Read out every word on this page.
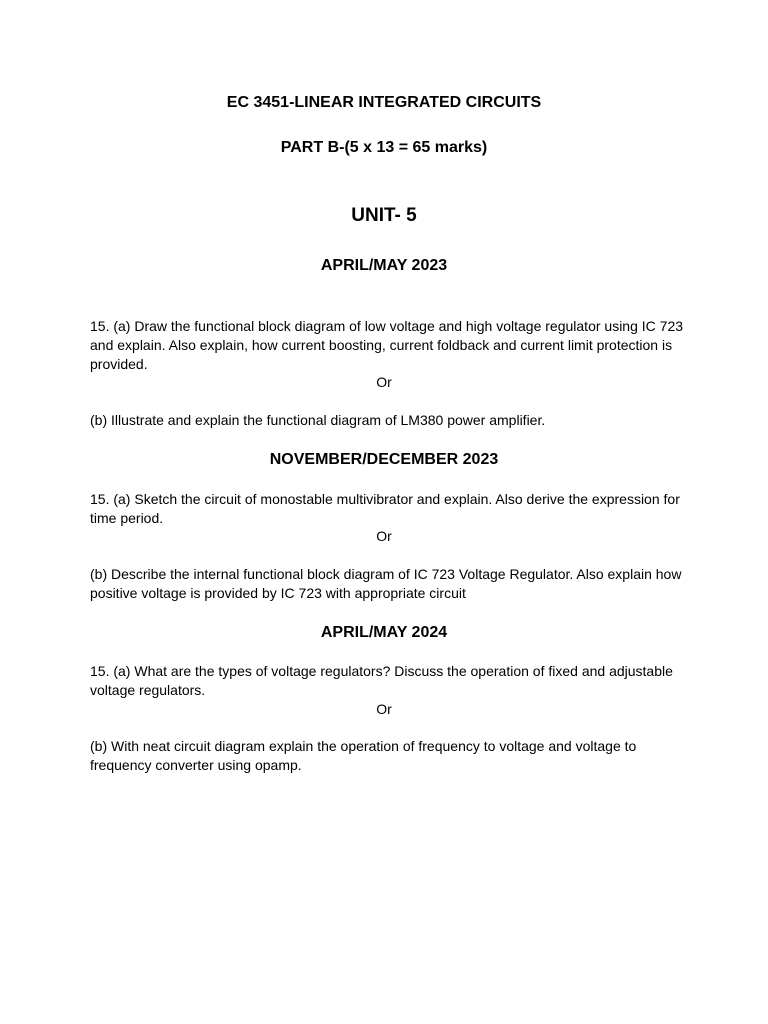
EC 3451-LINEAR INTEGRATED CIRCUITS
PART B-(5 x 13 = 65 marks)
UNIT- 5
APRIL/MAY 2023
15. (a) Draw the functional block diagram of low voltage and high voltage regulator using IC 723 and explain. Also explain, how current boosting, current foldback and current limit protection is provided.
Or
(b) Illustrate and explain the functional diagram of LM380 power amplifier.
NOVEMBER/DECEMBER 2023
15. (a) Sketch the circuit of monostable multivibrator and explain. Also derive the expression for time period.
Or
(b) Describe the internal functional block diagram of IC 723 Voltage Regulator. Also explain how positive voltage is provided by IC 723 with appropriate circuit
APRIL/MAY 2024
15. (a) What are the types of voltage regulators? Discuss the operation of fixed and adjustable voltage regulators.
Or
(b) With neat circuit diagram explain the operation of frequency to voltage and voltage to frequency converter using opamp.
